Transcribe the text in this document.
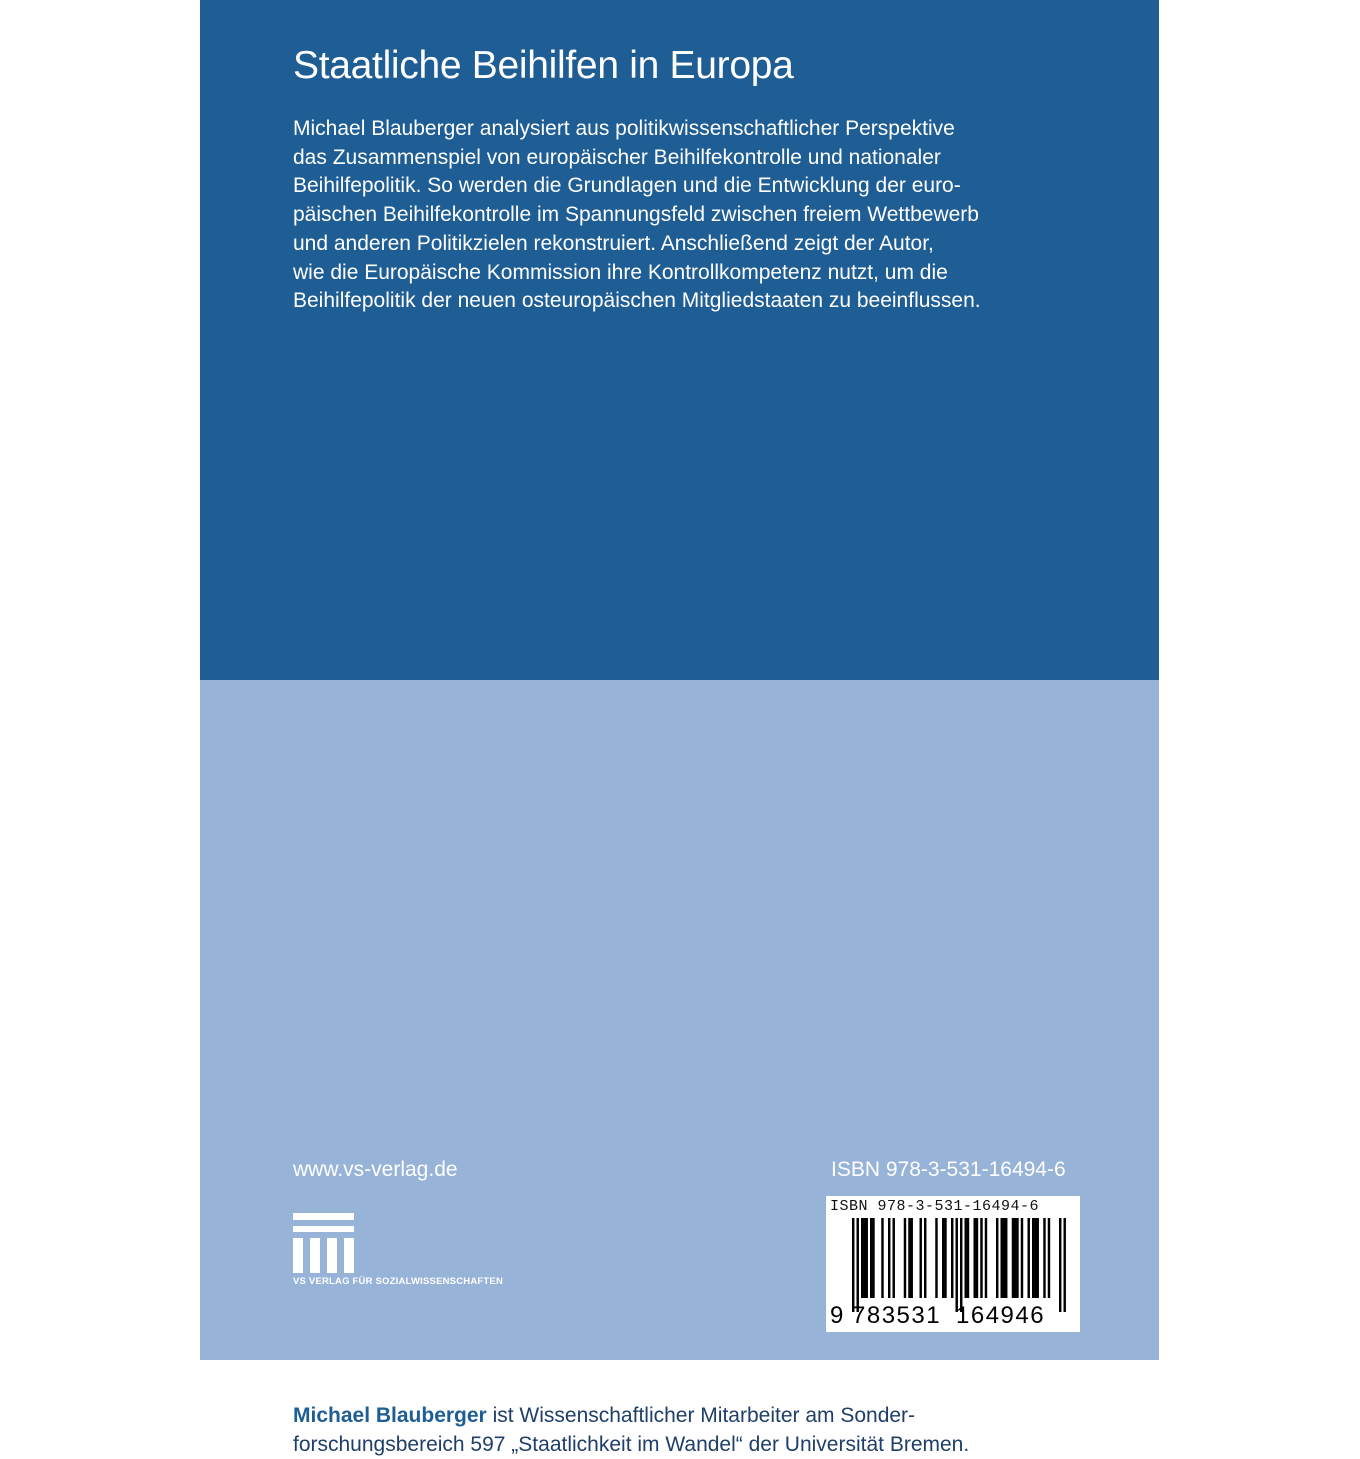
Staatliche Beihilfen in Europa

Michael Blauberger analysiert aus politikwissenschaftlicher Perspektive
das Zusammenspiel von europäischer Beihilfekontrolle und nationaler
Beihilfepolitik. So werden die Grundlagen und die Entwicklung der euro-
päischen Beihilfekontrolle im Spannungsfeld zwischen freiem Wettbewerb
und anderen Politikzielen rekonstruiert. Anschließend zeigt der Autor,
wie die Europäische Kommission ihre Kontrollkompetenz nutzt, um die
Beihilfepolitik der neuen osteuropäischen Mitgliedstaaten zu beeinflussen.

Michael Blauberger ist Wissenschaftlicher Mitarbeiter am Sonder-
forschungsbereich 597 „Staatlichkeit im Wandel“ der Universität Bremen.

www.vs-verlag.de	ISBN 978-3-531-16494-6
VS VERLAG FÜR SOZIALWISSENSCHAFTEN
ISBN 978-3-531-16494-6
9 783531 164946
